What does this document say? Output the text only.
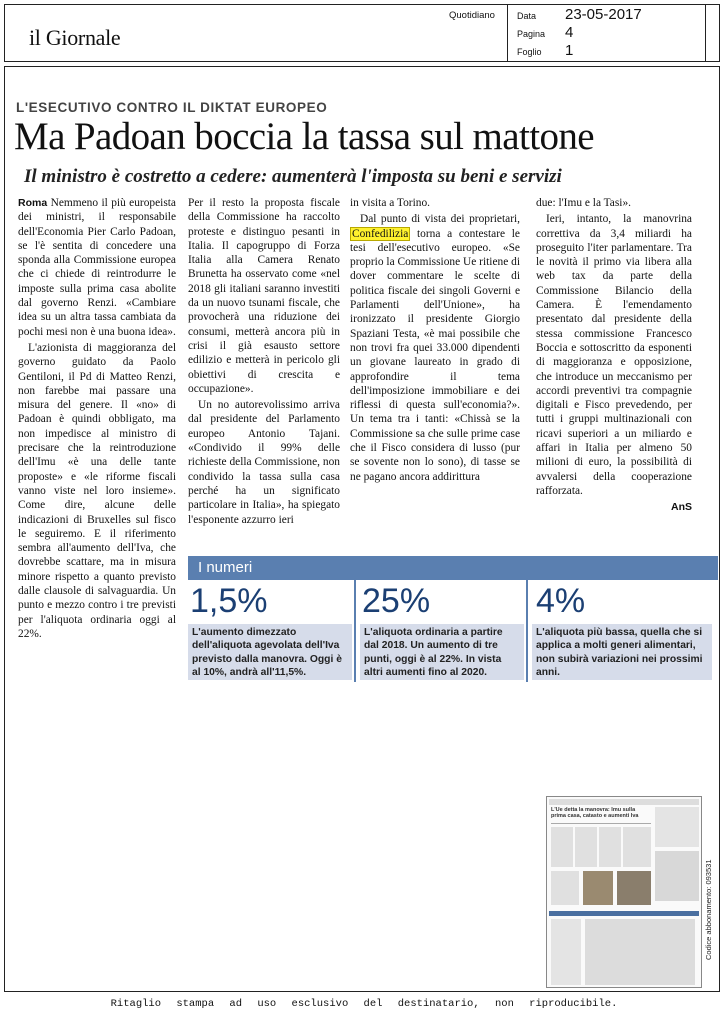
il Giornale
Quotidiano Data 23-05-2017
Pagina 4
Foglio 1
L'ESECUTIVO CONTRO IL DIKTAT EUROPEO
Ma Padoan boccia la tassa sul mattone
Il ministro è costretto a cedere: aumenterà l'imposta su beni e servizi

Roma Nemmeno il più europeista dei ministri, il responsabile dell'Economia Pier Carlo Padoan, se l'è sentita di concedere una sponda alla Commissione europea che ci chiede di reintrodurre le imposte sulla prima casa abolite dal governo Renzi. «Cambiare idea su un altra tassa cambiata da pochi mesi non è una buona idea».

L'azionista di maggioranza del governo guidato da Paolo Gentiloni, il Pd di Matteo Renzi, non farebbe mai passare una misura del genere. Il «no» di Padoan è quindi obbligato, ma non impedisce al ministro di precisare che la reintroduzione dell'Imu «è una delle tante proposte» e «le riforme fiscali vanno viste nel loro insieme». Come dire, alcune delle indicazioni di Bruxelles sul fisco le seguiremo. E il riferimento sembra all'aumento dell'Iva, che dovrebbe scattare, ma in misura minore rispetto a quanto previsto dalle clausole di salvaguardia. Un punto e mezzo contro i tre previsti per l'aliquota ordinaria oggi al 22%.

Per il resto la proposta fiscale della Commissione ha raccolto proteste e distinguo pesanti in Italia. Il capogruppo di Forza Italia alla Camera Renato Brunetta ha osservato come «nel 2018 gli italiani saranno investiti da un nuovo tsunami fiscale, che provocherà una riduzione dei consumi, metterà ancora più in crisi il già esausto settore edilizio e metterà in pericolo gli obiettivi di crescita e occupazione».

Un no autorevolissimo arriva dal presidente del Parlamento europeo Antonio Tajani. «Condivido il 99% delle richieste della Commissione, non condivido la tassa sulla casa perché ha un significato particolare in Italia», ha spiegato l'esponente azzurro ieri

in visita a Torino.

Dal punto di vista dei proprietari, Confedilizia torna a contestare le tesi dell'esecutivo europeo. «Se proprio la Commissione Ue ritiene di dover commentare le scelte di politica fiscale dei singoli Governi e Parlamenti dell'Unione», ha ironizzato il presidente Giorgio Spaziani Testa, «è mai possibile che non trovi fra quei 33.000 dipendenti un giovane laureato in grado di approfondire il tema dell'imposizione immobiliare e dei riflessi di questa sull'economia?». Un tema tra i tanti: «Chissà se la Commissione sa che sulle prime case che il Fisco considera di lusso (pur se sovente non lo sono), di tasse se ne pagano ancora addirittura

due: l'Imu e la Tasi».

Ieri, intanto, la manovrina correttiva da 3,4 miliardi ha proseguito l'iter parlamentare. Tra le novità il primo via libera alla web tax da parte della Commissione Bilancio della Camera. È l'emendamento presentato dal presidente della stessa commissione Francesco Boccia e sottoscritto da esponenti di maggioranza e opposizione, che introduce un meccanismo per accordi preventivi tra compagnie digitali e Fisco prevedendo, per tutti i gruppi multinazionali con ricavi superiori a un miliardo e affari in Italia per almeno 50 milioni di euro, la possibilità di avvalersi della cooperazione rafforzata.

AnS
I numeri
1,5%
L'aumento dimezzato dell'aliquota agevolata dell'Iva previsto dalla manovra. Oggi è al 10%, andrà all'11,5%.
25%
L'aliquota ordinaria a partire dal 2018. Un aumento di tre punti, oggi è al 22%. In vista altri aumenti fino al 2020.
4%
L'aliquota più bassa, quella che si applica a molti generi alimentari, non subirà variazioni nei prossimi anni.
L'Ue detta la manovra: Imu sulla prima casa, catasto e aumenti Iva
Codice abbonamento: 093531
Ritaglio stampa ad uso esclusivo del destinatario, non riproducibile.
